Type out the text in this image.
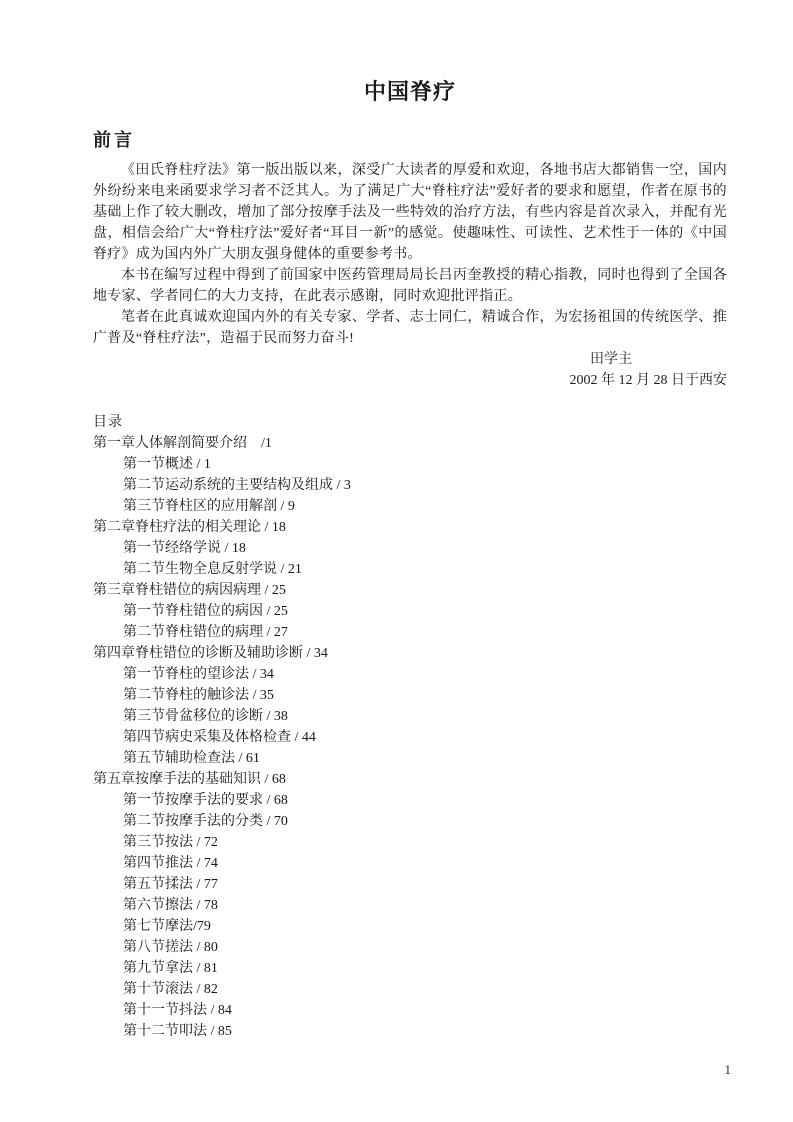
中国脊疗
前言

《田氏脊柱疗法》第一版出版以来，深受广大读者的厚爱和欢迎，各地书店大都销售一空，国内外纷纷来电来函要求学习者不泛其人。为了满足广大“脊柱疗法”爱好者的要求和愿望，作者在原书的基础上作了较大删改，增加了部分按摩手法及一些特效的治疗方法，有些内容是首次录入，并配有光盘，相信会给广大“脊柱疗法”爱好者“耳目一新”的感觉。使趣味性、可读性、艺术性于一体的《中国脊疗》成为国内外广大朋友强身健体的重要参考书。

本书在编写过程中得到了前国家中医药管理局局长吕丙奎教授的精心指教，同时也得到了全国各地专家、学者同仁的大力支持，在此表示感谢，同时欢迎批评指正。

笔者在此真诚欢迎国内外的有关专家、学者、志士同仁，精诚合作，为宏扬祖国的传统医学、推广普及“脊柱疗法”，造福于民而努力奋斗!

田学主
2002 年 12 月 28 日于西安
目录
第一章人体解剖简要介绍　/1
第一节概述 / 1
第二节运动系统的主要结构及组成 / 3
第三节脊柱区的应用解剖 / 9
第二章脊柱疗法的相关理论 / 18
第一节经络学说 / 18
第二节生物全息反射学说 / 21
第三章脊柱错位的病因病理 / 25
第一节脊柱错位的病因 / 25
第二节脊柱错位的病理 / 27
第四章脊柱错位的诊断及辅助诊断 / 34
第一节脊柱的望诊法 / 34
第二节脊柱的触诊法 / 35
第三节骨盆移位的诊断 / 38
第四节病史采集及体格检查 / 44
第五节辅助检查法 / 61
第五章按摩手法的基础知识 / 68
第一节按摩手法的要求 / 68
第二节按摩手法的分类 / 70
第三节按法 / 72
第四节推法 / 74
第五节揉法 / 77
第六节擦法 / 78
第七节摩法/79
第八节搓法 / 80
第九节拿法 / 81
第十节滚法 / 82
第十一节抖法 / 84
第十二节叩法 / 85
1
